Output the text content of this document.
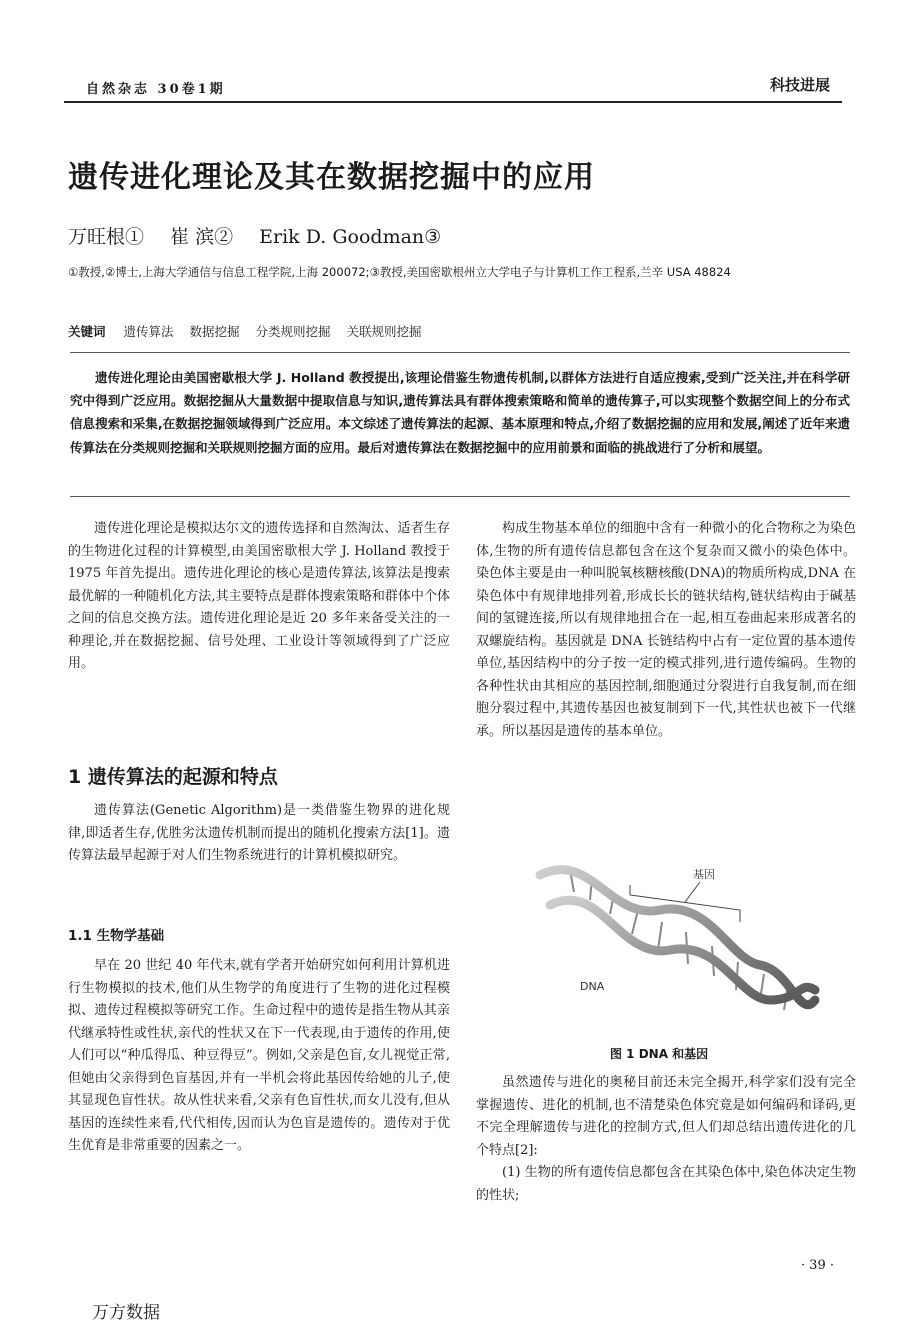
自然杂志 30卷1期	科技进展
遗传进化理论及其在数据挖掘中的应用
万旺根① 崔 滨② Erik D. Goodman③
①教授,②博士,上海大学通信与信息工程学院,上海 200072;③教授,美国密歇根州立大学电子与计算机工作工程系,兰辛 USA 48824
关键词 遗传算法 数据挖掘 分类规则挖掘 关联规则挖掘
遗传进化理论由美国密歇根大学 J. Holland 教授提出,该理论借鉴生物遗传机制,以群体方法进行自适应搜索,受到广泛关注,并在科学研究中得到广泛应用。数据挖掘从大量数据中提取信息与知识,遗传算法具有群体搜索策略和简单的遗传算子,可以实现整个数据空间上的分布式信息搜索和采集,在数据挖掘领域得到广泛应用。本文综述了遗传算法的起源、基本原理和特点,介绍了数据挖掘的应用和发展,阐述了近年来遗传算法在分类规则挖掘和关联规则挖掘方面的应用。最后对遗传算法在数据挖掘中的应用前景和面临的挑战进行了分析和展望。

遗传进化理论是模拟达尔文的遗传选择和自然淘汰、适者生存的生物进化过程的计算模型,由美国密歇根大学 J. Holland 教授于 1975 年首先提出。遗传进化理论的核心是遗传算法,该算法是搜索最优解的一种随机化方法,其主要特点是群体搜索策略和群体中个体之间的信息交换方法。遗传进化理论是近 20 多年来备受关注的一种理论,并在数据挖掘、信号处理、工业设计等领域得到了广泛应用。

1 遗传算法的起源和特点

遗传算法(Genetic Algorithm)是一类借鉴生物界的进化规律,即适者生存,优胜劣汰遗传机制而提出的随机化搜索方法[1]。遗传算法最早起源于对人们生物系统进行的计算机模拟研究。

1.1 生物学基础

早在 20 世纪 40 年代末,就有学者开始研究如何利用计算机进行生物模拟的技术,他们从生物学的角度进行了生物的进化过程模拟、遗传过程模拟等研究工作。生命过程中的遗传是指生物从其亲代继承特性或性状,亲代的性状又在下一代表现,由于遗传的作用,使人们可以“种瓜得瓜、种豆得豆”。例如,父亲是色盲,女儿视觉正常,但她由父亲得到色盲基因,并有一半机会将此基因传给她的儿子,使其显现色盲性状。故从性状来看,父亲有色盲性状,而女儿没有,但从基因的连续性来看,代代相传,因而认为色盲是遗传的。遗传对于优生优育是非常重要的因素之一。

构成生物基本单位的细胞中含有一种微小的化合物称之为染色体,生物的所有遗传信息都包含在这个复杂而又微小的染色体中。染色体主要是由一种叫脱氧核糖核酸(DNA)的物质所构成,DNA 在染色体中有规律地排列着,形成长长的链状结构,链状结构由于碱基间的氢键连接,所以有规律地扭合在一起,相互卷曲起来形成著名的双螺旋结构。基因就是 DNA 长链结构中占有一定位置的基本遗传单位,基因结构中的分子按一定的模式排列,进行遗传编码。生物的各种性状由其相应的基因控制,细胞通过分裂进行自我复制,而在细胞分裂过程中,其遗传基因也被复制到下一代,其性状也被下一代继承。所以基因是遗传的基本单位。

基因
DNA
图 1 DNA 和基因

虽然遗传与进化的奥秘目前还未完全揭开,科学家们没有完全掌握遗传、进化的机制,也不清楚染色体究竟是如何编码和译码,更不完全理解遗传与进化的控制方式,但人们却总结出遗传进化的几个特点[2]:

(1) 生物的所有遗传信息都包含在其染色体中,染色体决定生物的性状;

· 39 ·
万方数据
